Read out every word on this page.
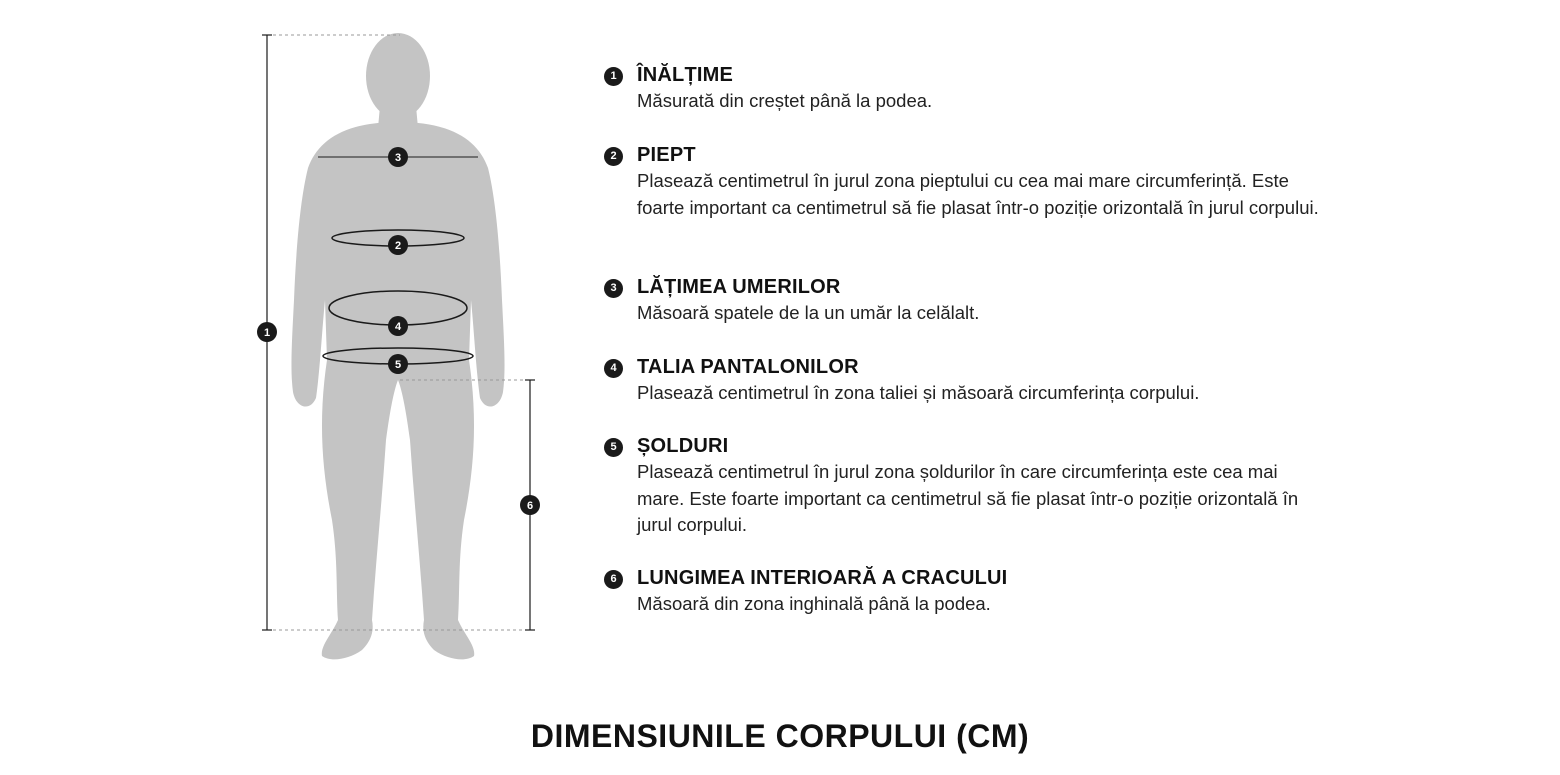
1
2
3
4
5
6
1	ÎNĂLȚIME
Măsurată din creștet până la podea.
2	PIEPT
Plasează centimetrul în jurul zona pieptului cu cea mai mare circumferință. Este foarte important ca centimetrul să fie plasat într-o poziție orizontală în jurul corpului.
3	LĂȚIMEA UMERILOR
Măsoară spatele de la un umăr la celălalt.
4	TALIA PANTALONILOR
Plasează centimetrul în zona taliei și măsoară circumferința corpului.
5	ȘOLDURI
Plasează centimetrul în jurul zona șoldurilor în care circumferința este cea mai mare. Este foarte important ca centimetrul să fie plasat într-o poziție orizontală în jurul corpului.
6	LUNGIMEA INTERIOARĂ A CRACULUI
Măsoară din zona inghinală până la podea.
DIMENSIUNILE CORPULUI (CM)
